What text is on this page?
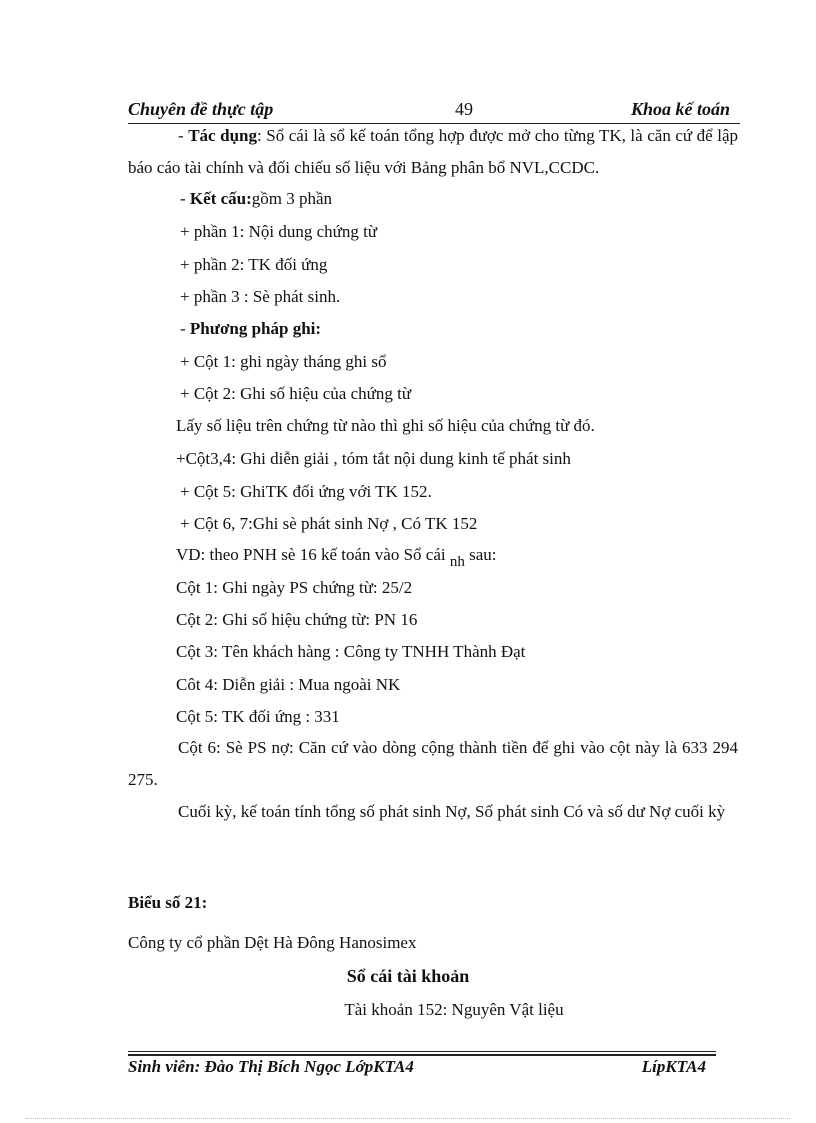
Chuyên đề thực tập	49	Khoa kế toán
- Tác dụng: Sổ cái là sổ kế toán tổng hợp được mở cho từng TK, là căn cứ để lập báo cáo tài chính và đối chiếu số liệu với Bảng phân bổ NVL,CCDC.
- Kết cấu:gồm 3 phần
+ phần 1: Nội dung chứng từ
+ phần 2: TK đối ứng
+ phần 3 : Sè phát sinh.
- Phương pháp ghi:
+ Cột 1: ghi ngày tháng ghi sổ
+ Cột 2: Ghi số hiệu của chứng từ
Lấy số liệu trên chứng từ nào thì ghi số hiệu của chứng từ đó.
+Cột3,4: Ghi diễn giải , tóm tắt nội dung kinh tế phát sinh
+ Cột 5: GhiTK đối ứng với TK 152.
+ Cột 6, 7:Ghi sè phát sinh Nợ , Có TK 152
VD: theo PNH sè 16 kế toán vào Sổ cái nh sau:
Cột 1: Ghi ngày PS chứng từ: 25/2
Cột 2: Ghi số hiệu chứng từ: PN 16
Cột 3: Tên khách hàng : Công ty TNHH Thành Đạt
Côt 4: Diễn giải : Mua ngoài NK
Cột 5: TK đối ứng : 331
Cột 6: Sè PS nợ: Căn cứ vào dòng cộng thành tiền để ghi vào cột này là 633 294 275.
Cuối kỳ, kế toán tính tổng số phát sinh Nợ, Số phát sinh Có và số dư Nợ cuối kỳ
Biểu số 21:
Công ty cổ phần Dệt Hà Đông Hanosimex
Sổ cái tài khoản
Tài khoản 152: Nguyên Vật liệu
Sinh viên: Đào Thị Bích Ngọc LớpKTA4	LípKTA4
